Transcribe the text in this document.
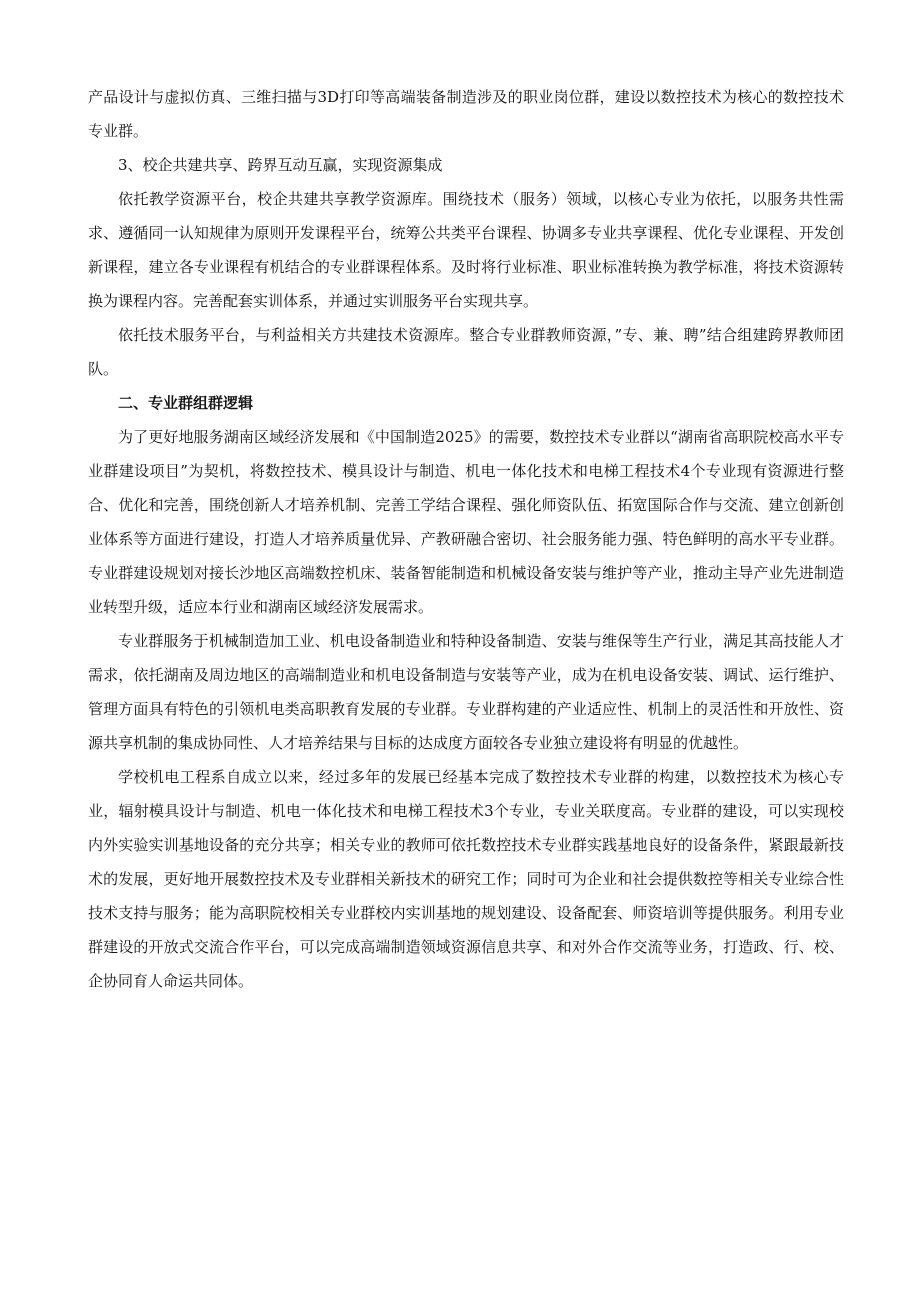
产品设计与虚拟仿真、三维扫描与3D打印等高端装备制造涉及的职业岗位群，建设以数控技术为核心的数控技术专业群。

3、校企共建共享、跨界互动互赢，实现资源集成

依托教学资源平台，校企共建共享教学资源库。围绕技术（服务）领域，以核心专业为依托，以服务共性需求、遵循同一认知规律为原则开发课程平台，统筹公共类平台课程、协调多专业共享课程、优化专业课程、开发创新课程，建立各专业课程有机结合的专业群课程体系。及时将行业标准、职业标准转换为教学标准，将技术资源转换为课程内容。完善配套实训体系，并通过实训服务平台实现共享。

依托技术服务平台，与利益相关方共建技术资源库。整合专业群教师资源，”专、兼、聘”结合组建跨界教师团队。

二、专业群组群逻辑

为了更好地服务湖南区域经济发展和《中国制造2025》的需要，数控技术专业群以“湖南省高职院校高水平专业群建设项目”为契机，将数控技术、模具设计与制造、机电一体化技术和电梯工程技术4个专业现有资源进行整合、优化和完善，围绕创新人才培养机制、完善工学结合课程、强化师资队伍、拓宽国际合作与交流、建立创新创业体系等方面进行建设，打造人才培养质量优异、产教研融合密切、社会服务能力强、特色鲜明的高水平专业群。专业群建设规划对接长沙地区高端数控机床、装备智能制造和机械设备安装与维护等产业，推动主导产业先进制造业转型升级，适应本行业和湖南区域经济发展需求。

专业群服务于机械制造加工业、机电设备制造业和特种设备制造、安装与维保等生产行业，满足其高技能人才需求，依托湖南及周边地区的高端制造业和机电设备制造与安装等产业，成为在机电设备安装、调试、运行维护、管理方面具有特色的引领机电类高职教育发展的专业群。专业群构建的产业适应性、机制上的灵活性和开放性、资源共享机制的集成协同性、人才培养结果与目标的达成度方面较各专业独立建设将有明显的优越性。

学校机电工程系自成立以来，经过多年的发展已经基本完成了数控技术专业群的构建，以数控技术为核心专业，辐射模具设计与制造、机电一体化技术和电梯工程技术3个专业，专业关联度高。专业群的建设，可以实现校内外实验实训基地设备的充分共享；相关专业的教师可依托数控技术专业群实践基地良好的设备条件，紧跟最新技术的发展，更好地开展数控技术及专业群相关新技术的研究工作；同时可为企业和社会提供数控等相关专业综合性技术支持与服务；能为高职院校相关专业群校内实训基地的规划建设、设备配套、师资培训等提供服务。利用专业群建设的开放式交流合作平台，可以完成高端制造领域资源信息共享、和对外合作交流等业务，打造政、行、校、企协同育人命运共同体。
